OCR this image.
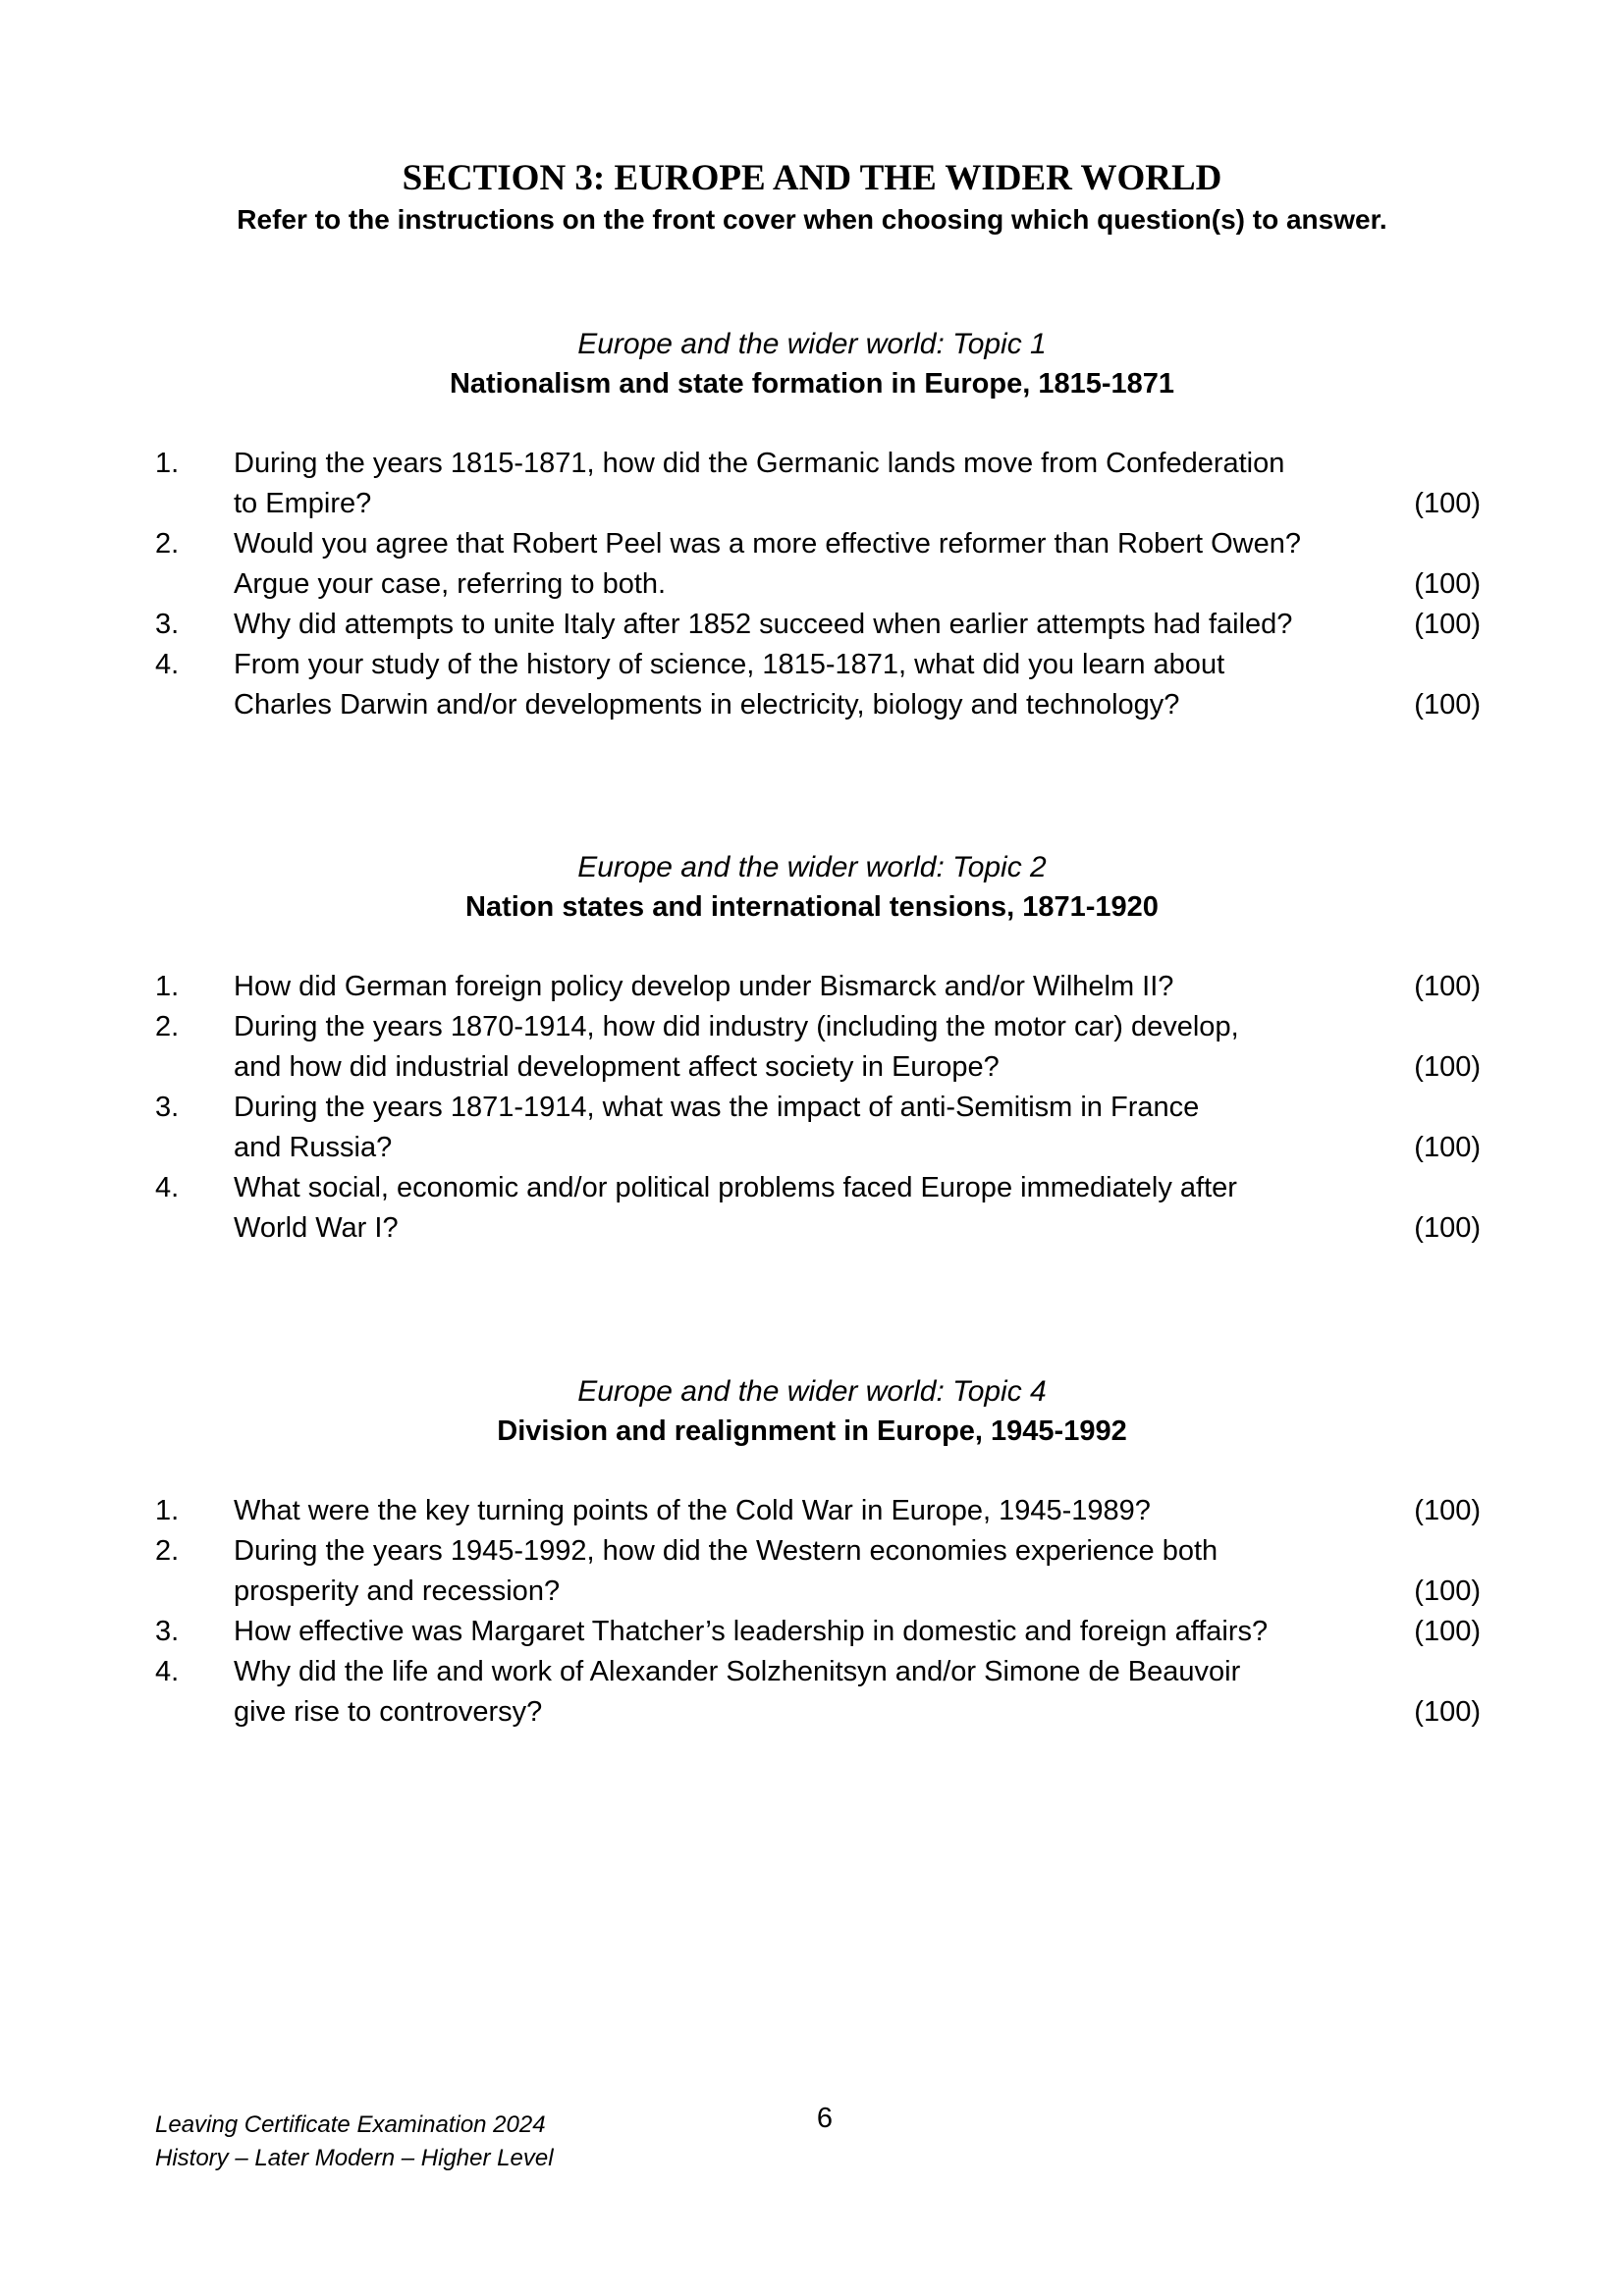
SECTION 3: EUROPE AND THE WIDER WORLD
Refer to the instructions on the front cover when choosing which question(s) to answer.
Europe and the wider world: Topic 1
Nationalism and state formation in Europe, 1815-1871
1. During the years 1815-1871, how did the Germanic lands move from Confederation
to Empire?	(100)
2. Would you agree that Robert Peel was a more effective reformer than Robert Owen?
Argue your case, referring to both.	(100)
3. Why did attempts to unite Italy after 1852 succeed when earlier attempts had failed?	(100)
4. From your study of the history of science, 1815-1871, what did you learn about
Charles Darwin and/or developments in electricity, biology and technology?	(100)
Europe and the wider world: Topic 2
Nation states and international tensions, 1871-1920
1. How did German foreign policy develop under Bismarck and/or Wilhelm II?	(100)
2. During the years 1870-1914, how did industry (including the motor car) develop,
and how did industrial development affect society in Europe?	(100)
3. During the years 1871-1914, what was the impact of anti-Semitism in France
and Russia?	(100)
4. What social, economic and/or political problems faced Europe immediately after
World War I?	(100)
Europe and the wider world: Topic 4
Division and realignment in Europe, 1945-1992
1. What were the key turning points of the Cold War in Europe, 1945-1989?	(100)
2. During the years 1945-1992, how did the Western economies experience both
prosperity and recession?	(100)
3. How effective was Margaret Thatcher’s leadership in domestic and foreign affairs?	(100)
4. Why did the life and work of Alexander Solzhenitsyn and/or Simone de Beauvoir
give rise to controversy?	(100)
Leaving Certificate Examination 2024
History – Later Modern – Higher Level
6
